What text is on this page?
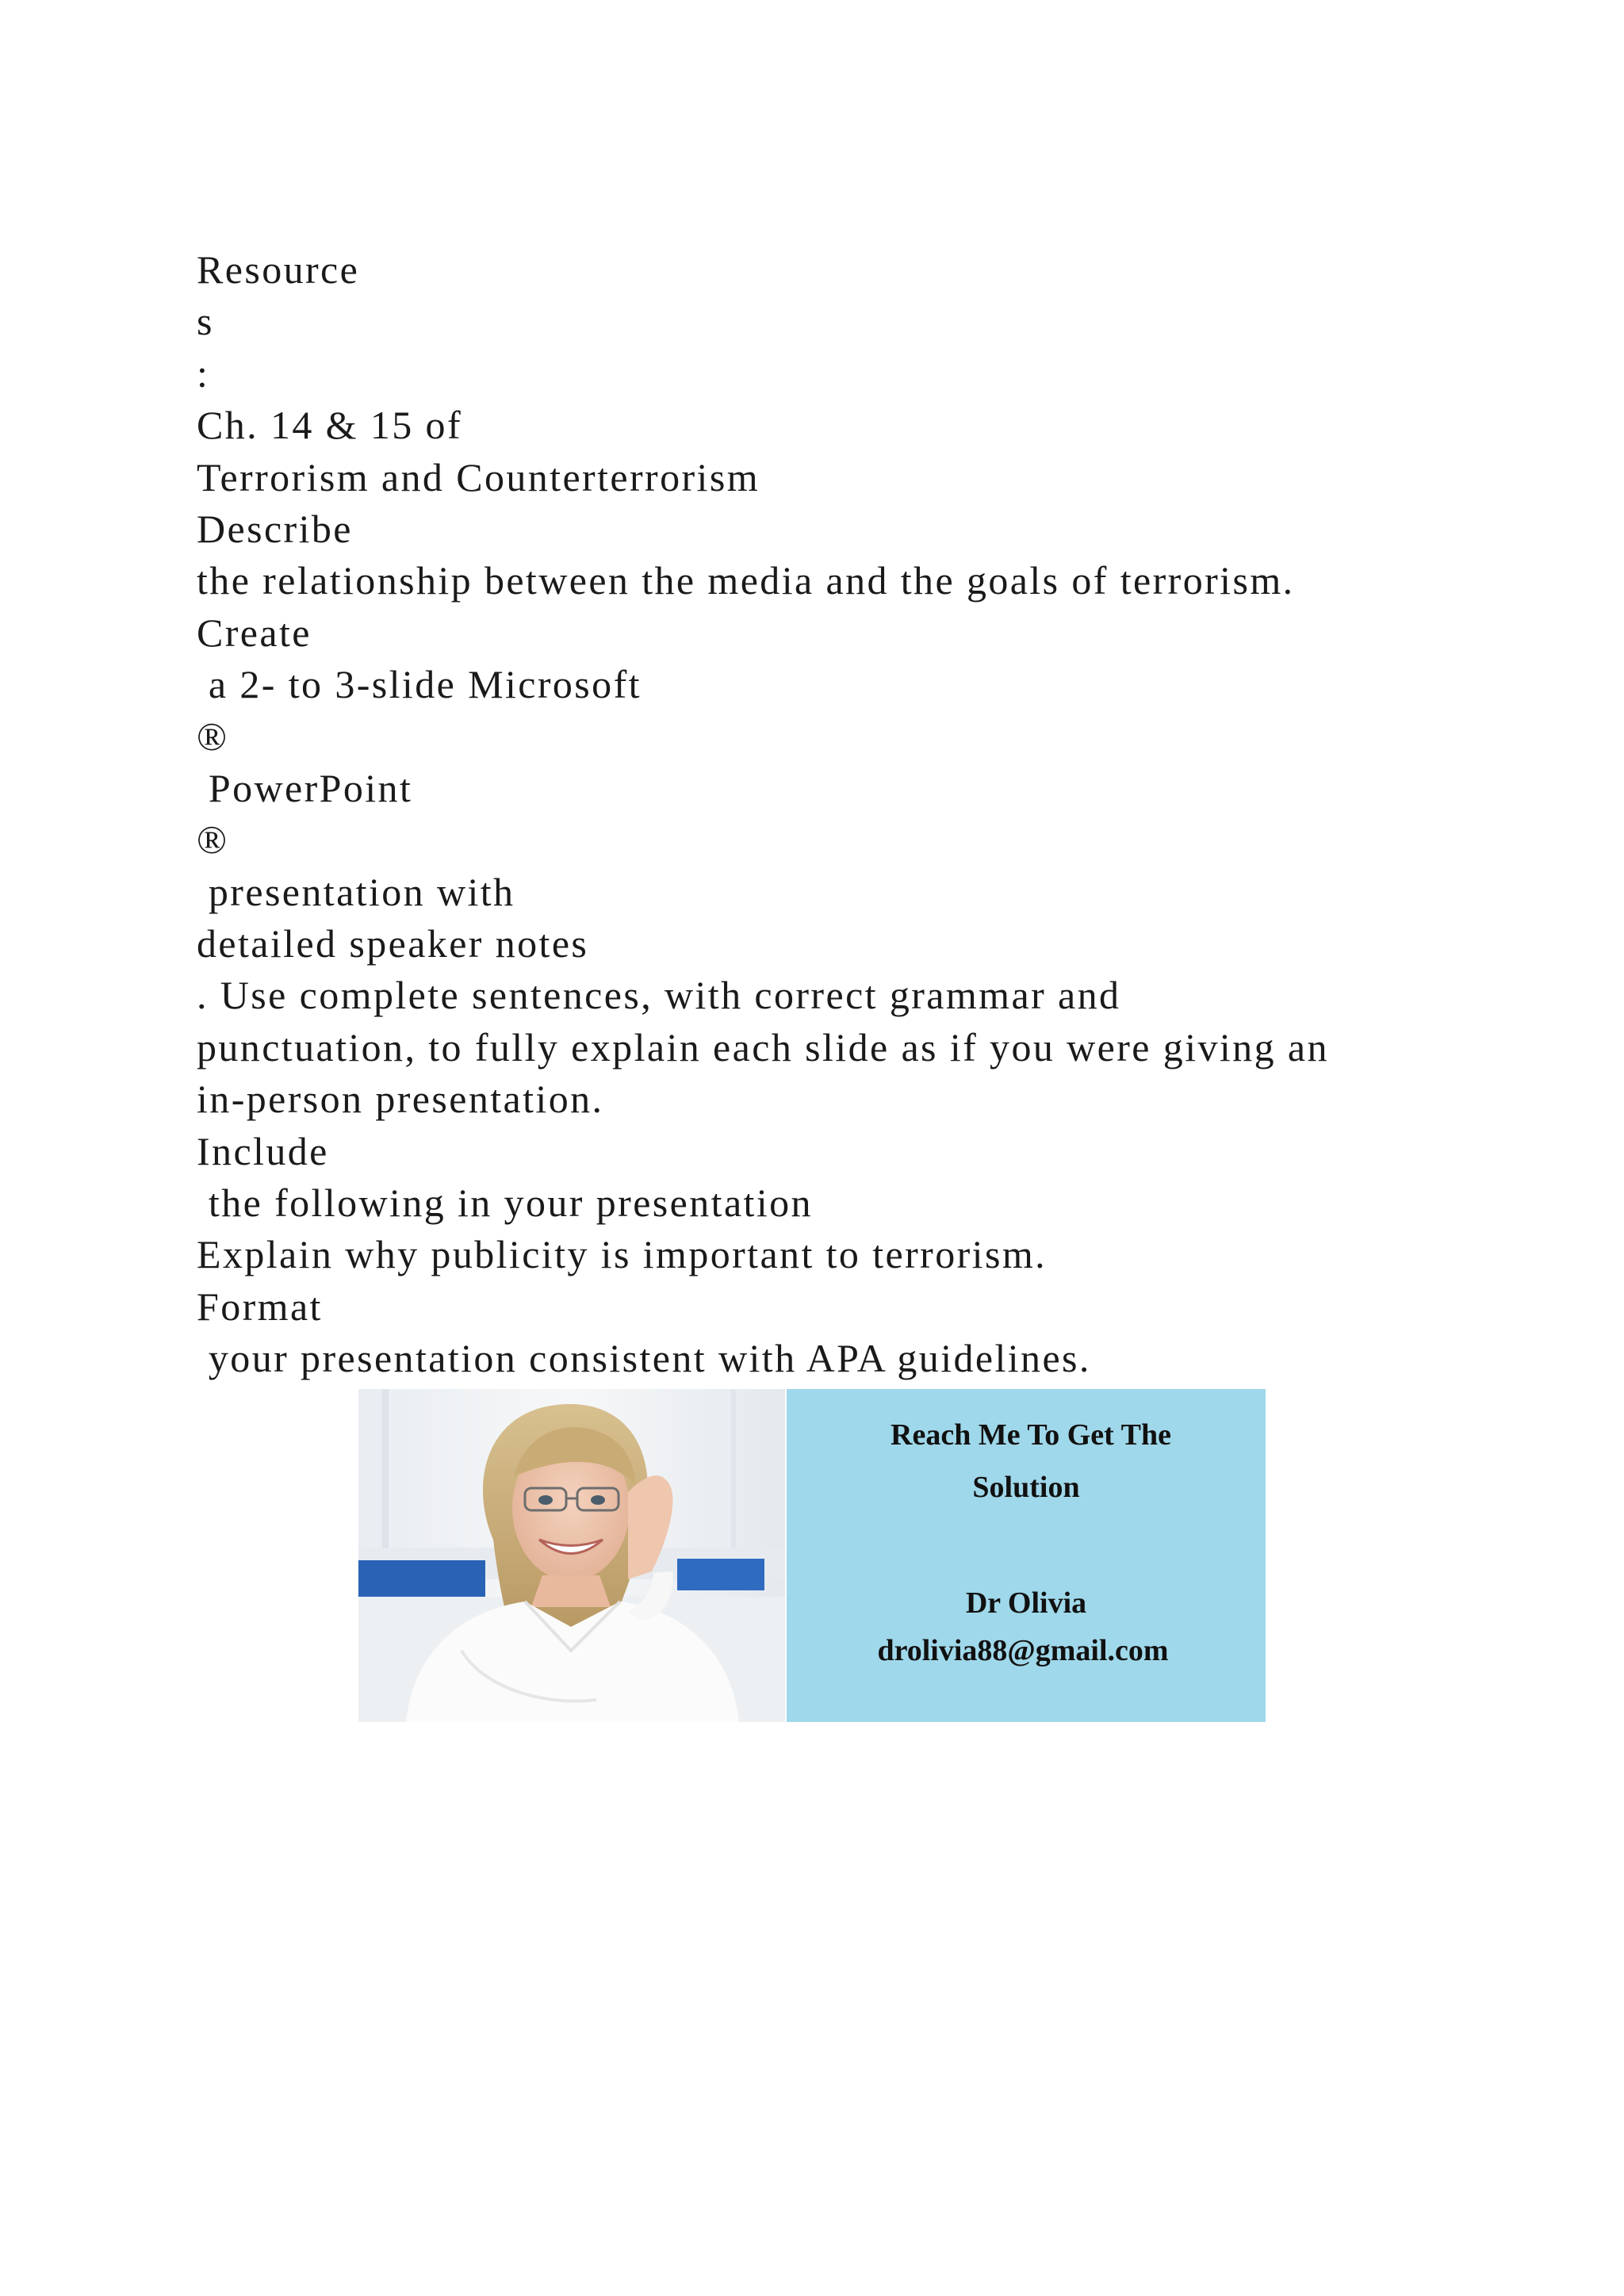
Resource
s
:
Ch. 14 & 15 of
Terrorism and Counterterrorism
Describe
the relationship between the media and the goals of terrorism.
Create
a 2- to 3-slide Microsoft
®
PowerPoint
®
presentation with
detailed speaker notes
. Use complete sentences, with correct grammar and
punctuation, to fully explain each slide as if you were giving an
in-person presentation.
Include
the following in your presentation
Explain why publicity is important to terrorism.
Format
your presentation consistent with APA guidelines.
Reach Me To Get The
Solution
Dr Olivia
drolivia88@gmail.com
